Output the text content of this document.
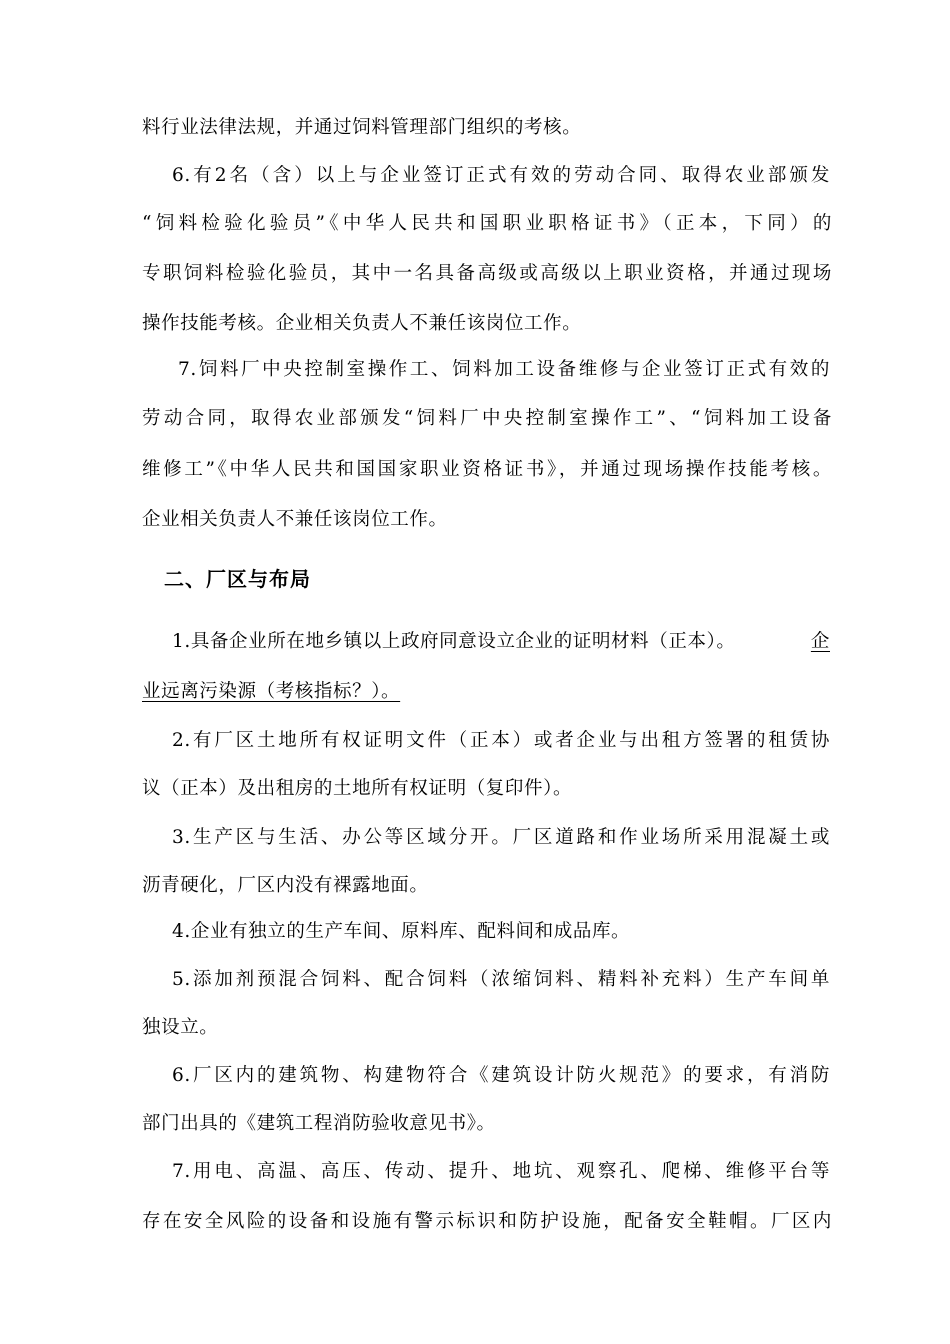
料行业法律法规，并通过饲料管理部门组织的考核。
6.有2名（含）以上与企业签订正式有效的劳动合同、取得农业部颁发
“饲料检验化验员”《中华人民共和国职业职格证书》（正本，下同）的
专职饲料检验化验员，其中一名具备高级或高级以上职业资格，并通过现场
操作技能考核。企业相关负责人不兼任该岗位工作。
7.饲料厂中央控制室操作工、饲料加工设备维修与企业签订正式有效的
劳动合同，取得农业部颁发“饲料厂中央控制室操作工”、“饲料加工设备
维修工”《中华人民共和国国家职业资格证书》，并通过现场操作技能考核。
企业相关负责人不兼任该岗位工作。
二、厂区与布局
1.具备企业所在地乡镇以上政府同意设立企业的证明材料（正本）。	企
业远离污染源（考核指标？）。
2.有厂区土地所有权证明文件（正本）或者企业与出租方签署的租赁协
议（正本）及出租房的土地所有权证明（复印件）。
3.生产区与生活、办公等区域分开。厂区道路和作业场所采用混凝土或
沥青硬化，厂区内没有裸露地面。
4.企业有独立的生产车间、原料库、配料间和成品库。
5.添加剂预混合饲料、配合饲料（浓缩饲料、精料补充料）生产车间单
独设立。
6.厂区内的建筑物、构建物符合《建筑设计防火规范》的要求，有消防
部门出具的《建筑工程消防验收意见书》。
7.用电、高温、高压、传动、提升、地坑、观察孔、爬梯、维修平台等
存在安全风险的设备和设施有警示标识和防护设施，配备安全鞋帽。厂区内
